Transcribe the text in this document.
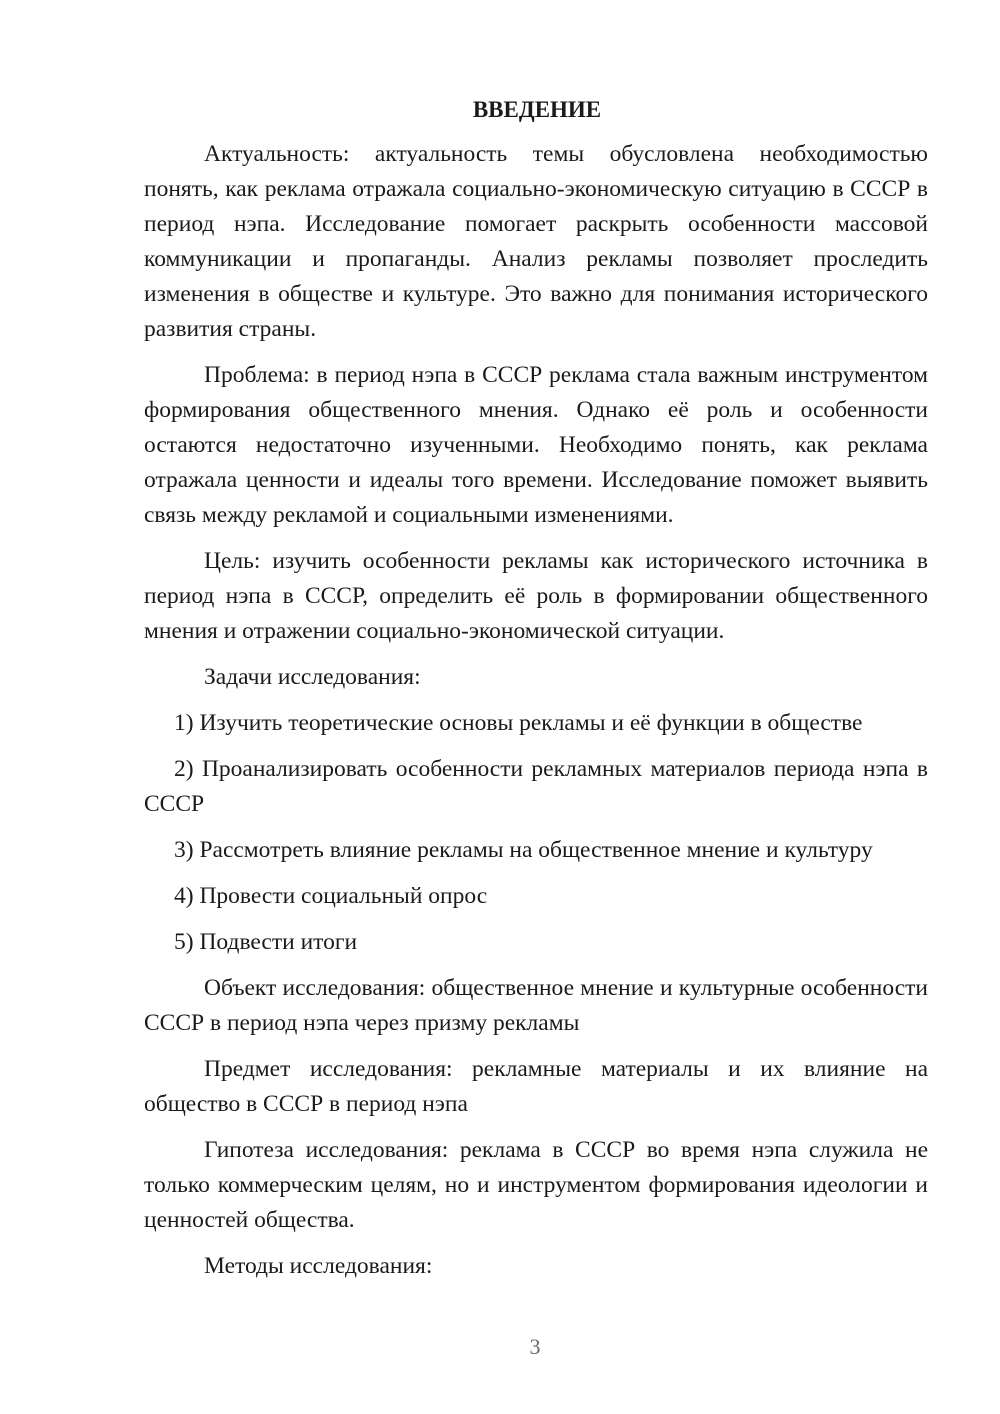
ВВЕДЕНИЕ

Актуальность: актуальность темы обусловлена необходимостью понять, как реклама отражала социально-экономическую ситуацию в СССР в период нэпа. Исследование помогает раскрыть особенности массовой коммуникации и пропаганды. Анализ рекламы позволяет проследить изменения в обществе и культуре. Это важно для понимания исторического развития страны.

Проблема: в период нэпа в СССР реклама стала важным инструментом формирования общественного мнения. Однако её роль и особенности остаются недостаточно изученными. Необходимо понять, как реклама отражала ценности и идеалы того времени. Исследование поможет выявить связь между рекламой и социальными изменениями.

Цель: изучить особенности рекламы как исторического источника в период нэпа в СССР, определить её роль в формировании общественного мнения и отражении социально-экономической ситуации.

Задачи исследования:

1) Изучить теоретические основы рекламы и её функции в обществе

2) Проанализировать особенности рекламных материалов периода нэпа в СССР

3) Рассмотреть влияние рекламы на общественное мнение и культуру

4) Провести социальный опрос

5) Подвести итоги

Объект исследования: общественное мнение и культурные особенности СССР в период нэпа через призму рекламы

Предмет исследования: рекламные материалы и их влияние на общество в СССР в период нэпа

Гипотеза исследования: реклама в СССР во время нэпа служила не только коммерческим целям, но и инструментом формирования идеологии и ценностей общества.

Методы исследования:

3
